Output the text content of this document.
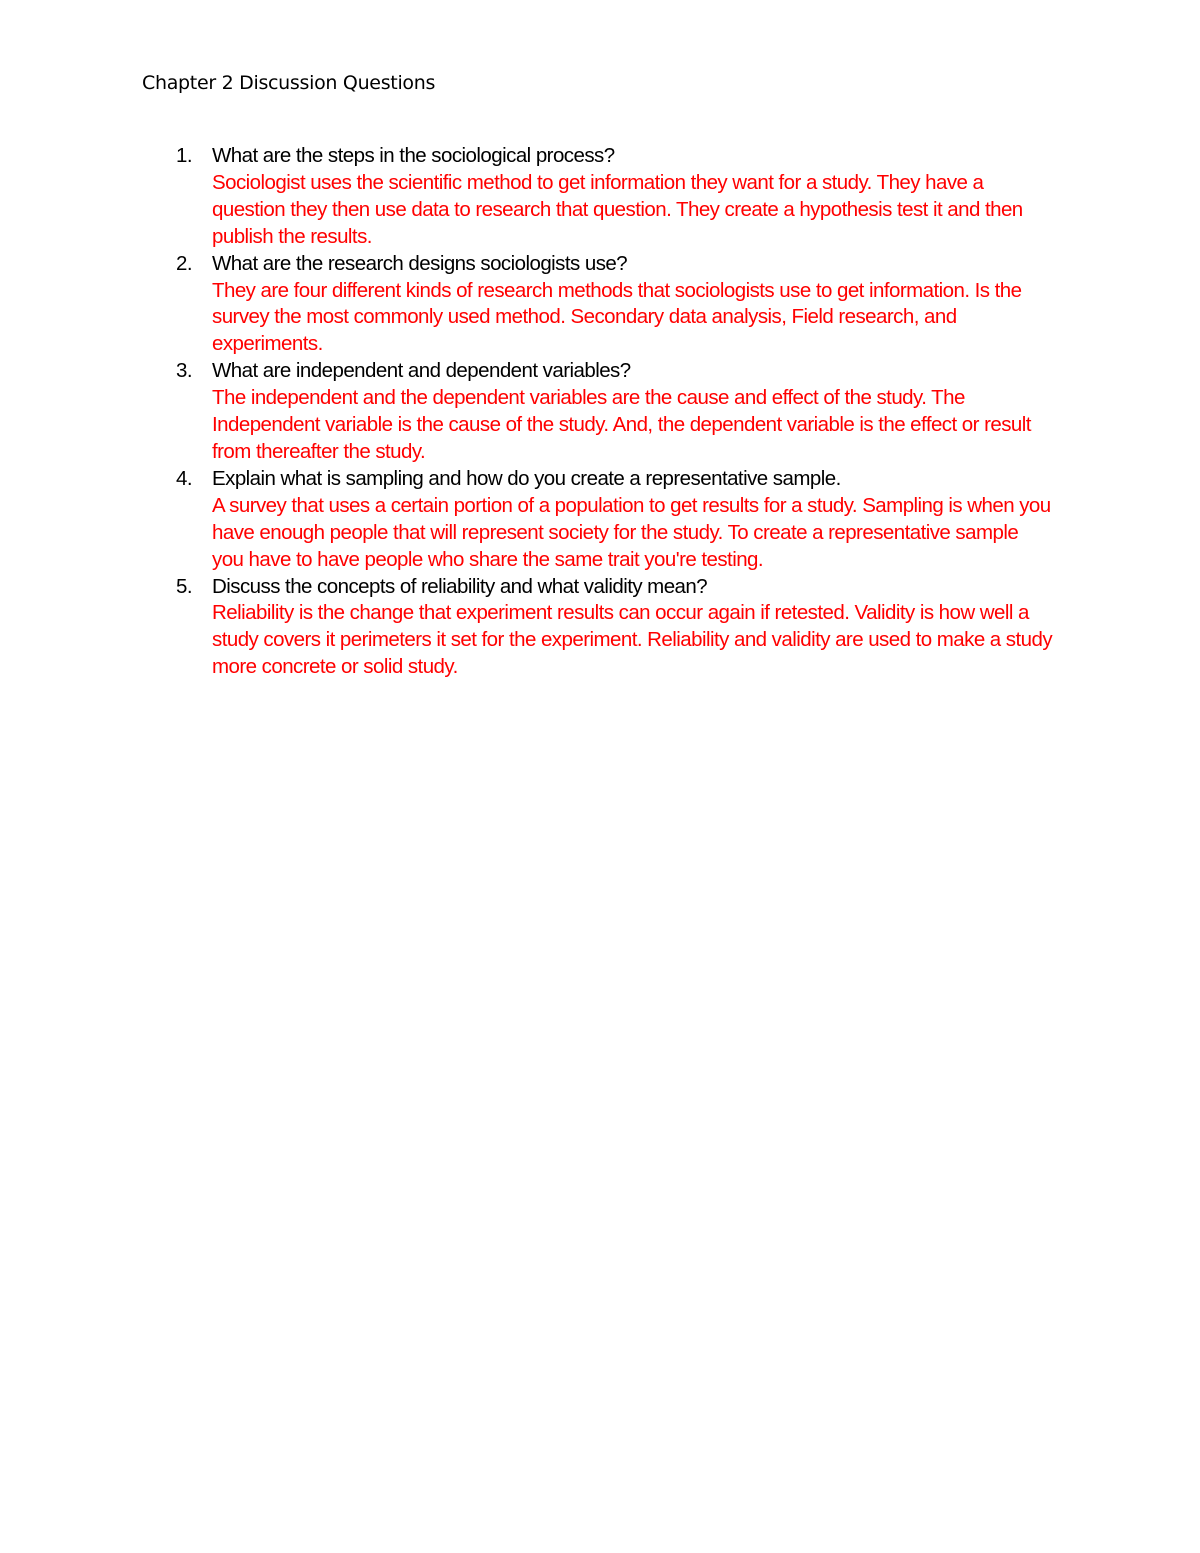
Chapter 2 Discussion Questions
1. What are the steps in the sociological process?
Sociologist uses the scientific method to get information they want for a study. They have a
question they then use data to research that question. They create a hypothesis test it and then
publish the results.
2. What are the research designs sociologists use?
They are four different kinds of research methods that sociologists use to get information. Is the
survey the most commonly used method. Secondary data analysis, Field research, and
experiments.
3. What are independent and dependent variables?
The independent and the dependent variables are the cause and effect of the study. The
Independent variable is the cause of the study. And, the dependent variable is the effect or result
from thereafter the study.
4. Explain what is sampling and how do you create a representative sample.
A survey that uses a certain portion of a population to get results for a study. Sampling is when you
have enough people that will represent society for the study. To create a representative sample
you have to have people who share the same trait you're testing.
5. Discuss the concepts of reliability and what validity mean?
Reliability is the change that experiment results can occur again if retested. Validity is how well a
study covers it perimeters it set for the experiment. Reliability and validity are used to make a study
more concrete or solid study.
